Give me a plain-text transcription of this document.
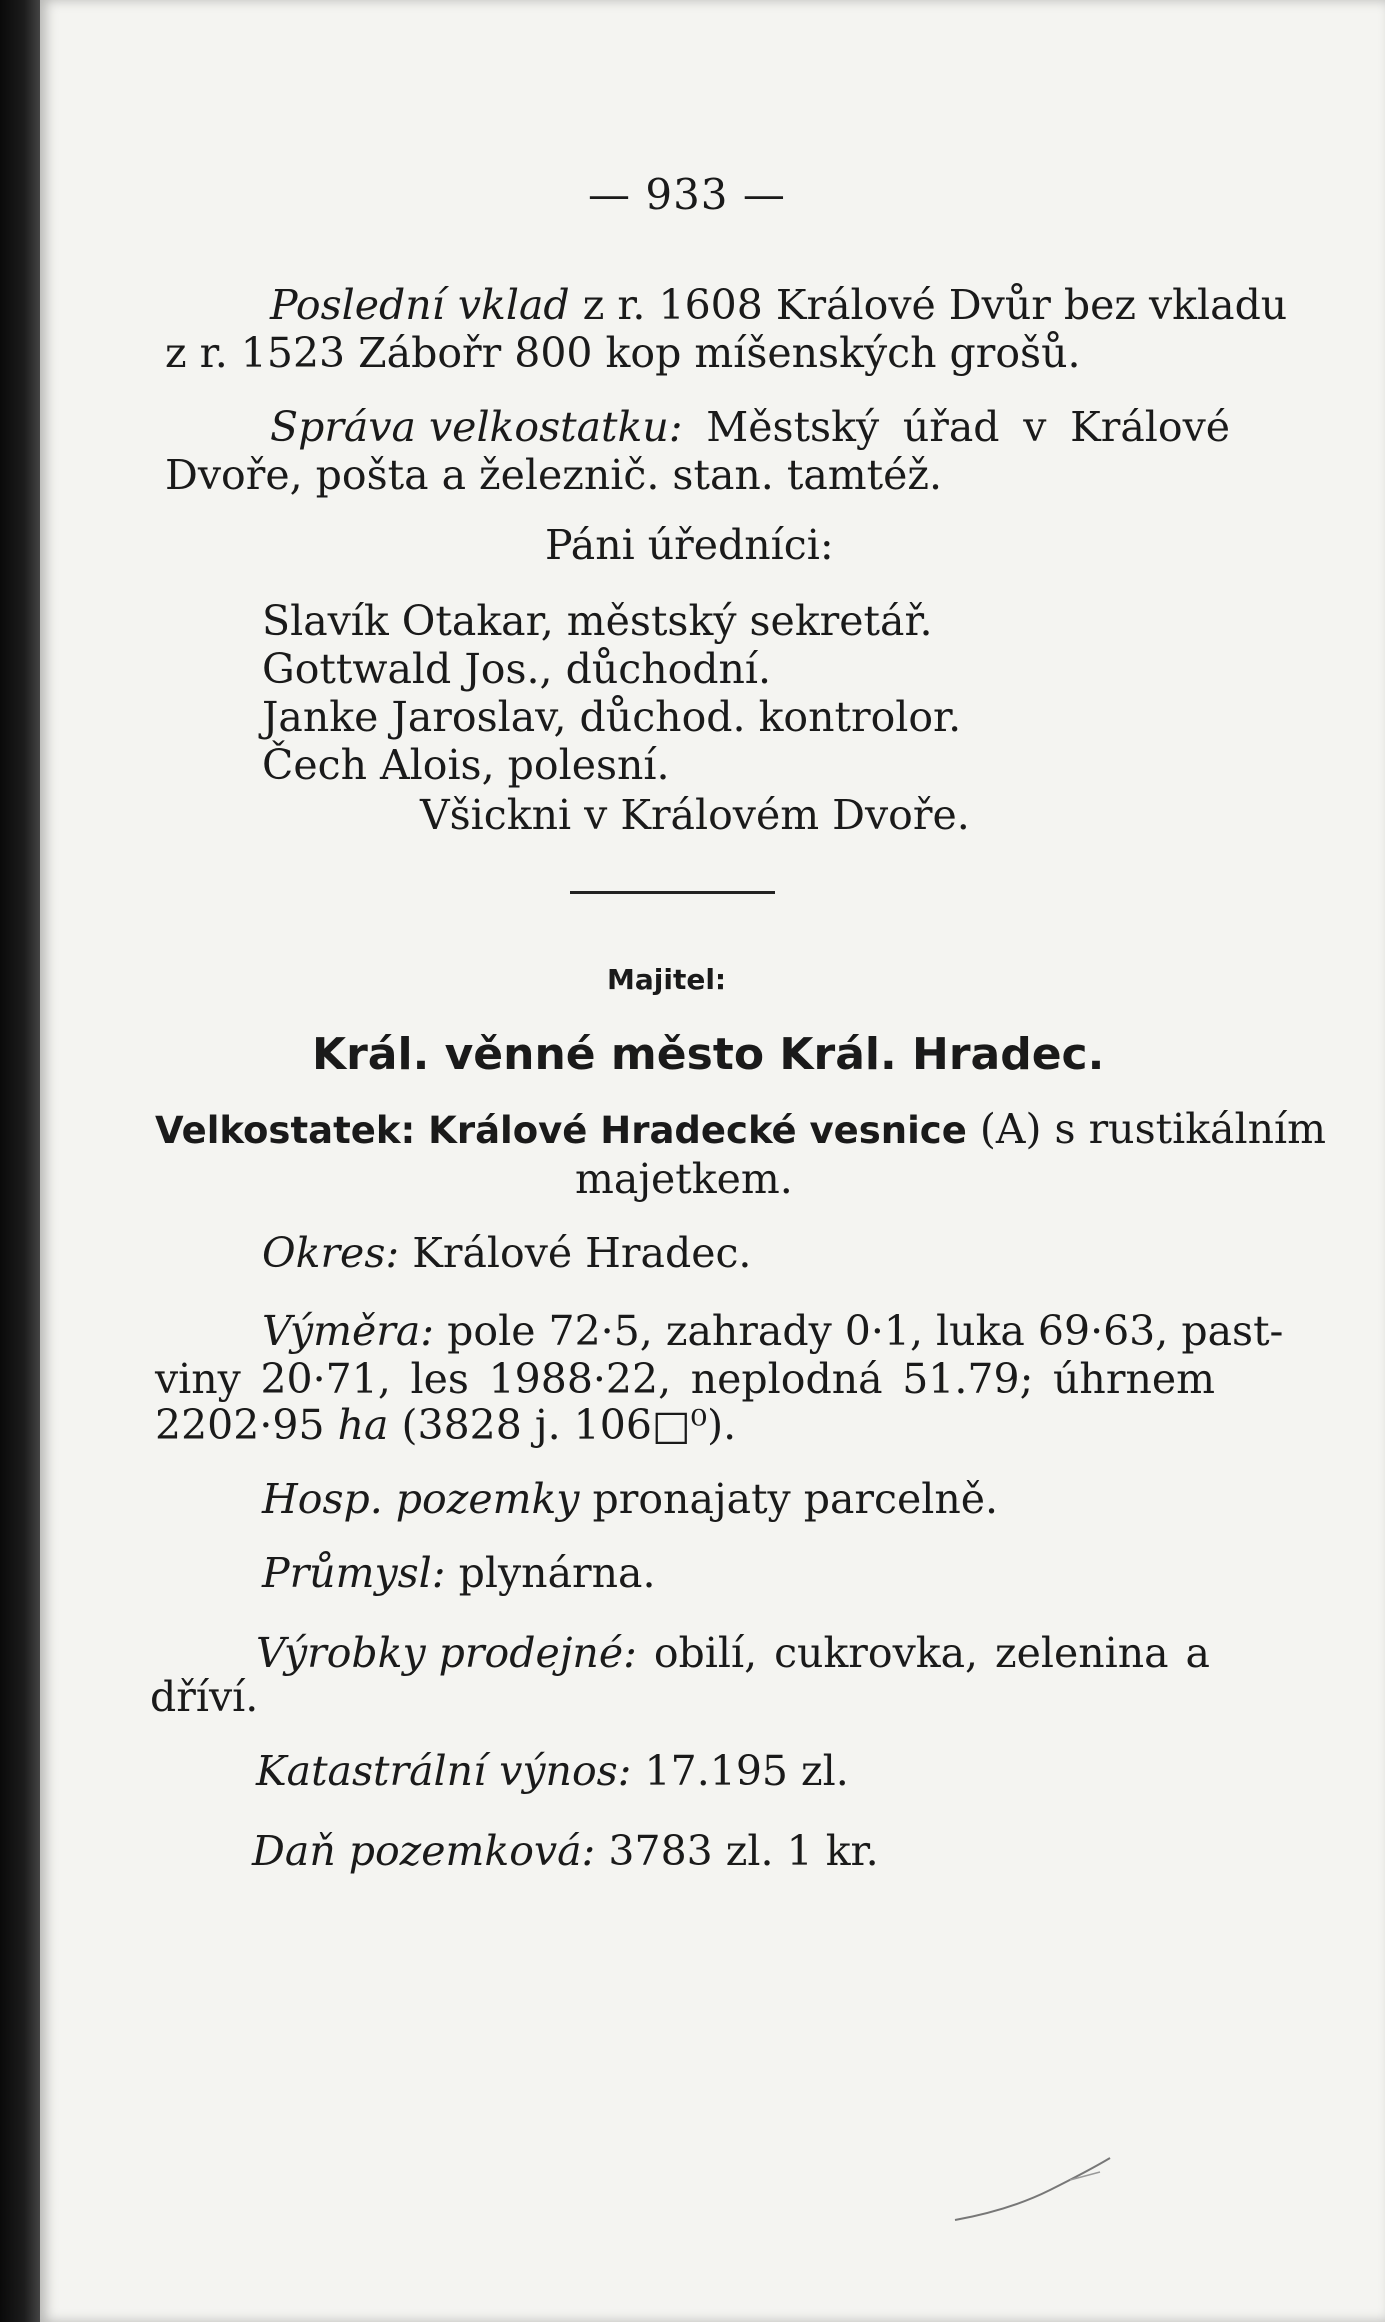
— 933 —
Poslední vklad z r. 1608 Králové Dvůr bez vkladu
z r. 1523 Zábořr 800 kop míšenských grošů.
Správa velkostatku: Městský úřad v Králové
Dvoře, pošta a železnič. stan. tamtéž.
Páni úředníci:
Slavík Otakar, městský sekretář.
Gottwald Jos., důchodní.
Janke Jaroslav, důchod. kontrolor.
Čech Alois, polesní.
Všickni v Královém Dvoře.
Majitel:
Král. věnné město Král. Hradec.
Velkostatek: Králové Hradecké vesnice (A) s rustikálním
majetkem.
Okres: Králové Hradec.
Výměra: pole 72·5, zahrady 0·1, luka 69·63, past-
viny 20·71, les 1988·22, neplodná 51.79; úhrnem
2202·95 ha (3828 j. 106□⁰).
Hosp. pozemky pronajaty parcelně.
Průmysl: plynárna.
Výrobky prodejné: obilí, cukrovka, zelenina a
dříví.
Katastrální výnos: 17.195 zl.
Daň pozemková: 3783 zl. 1 kr.
